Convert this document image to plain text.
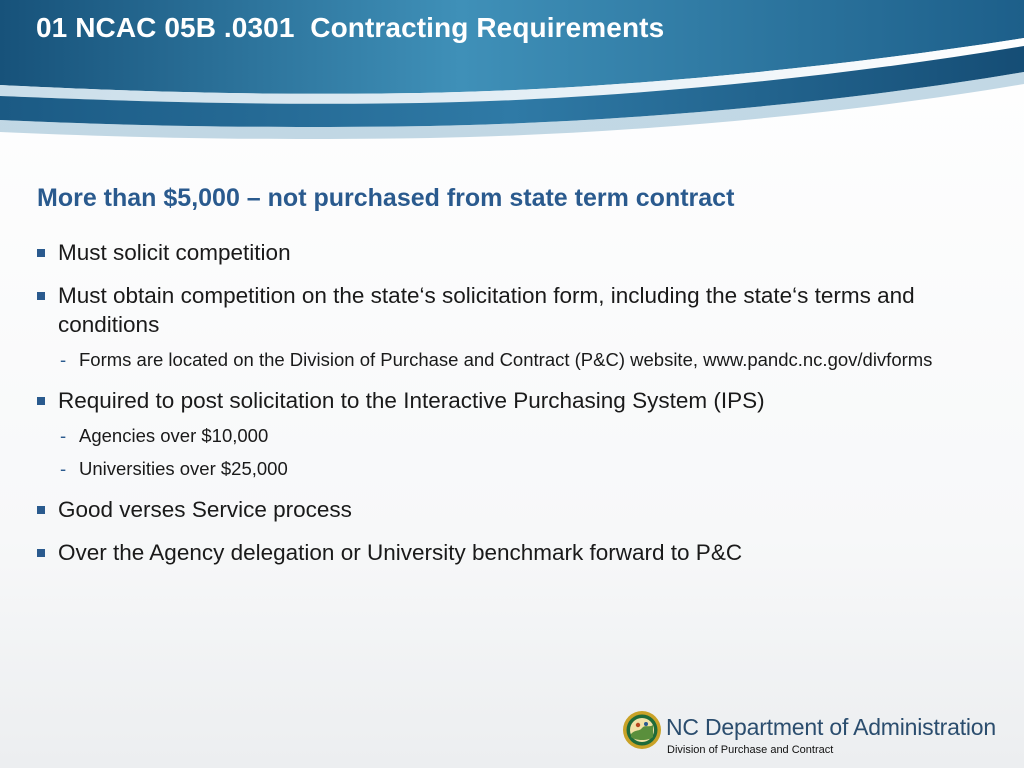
01 NCAC 05B .0301  Contracting Requirements
More than $5,000 – not purchased from state term contract
Must solicit competition
Must obtain competition on the state‘s solicitation form, including the state‘s terms and conditions
- Forms are located on the Division of Purchase and Contract (P&C) website, www.pandc.nc.gov/divforms
Required to post solicitation to the Interactive Purchasing System (IPS)
- Agencies over $10,000
- Universities over $25,000
Good verses Service process
Over the Agency delegation or University benchmark forward to P&C
NC Department of Administration
Division of Purchase and Contract
